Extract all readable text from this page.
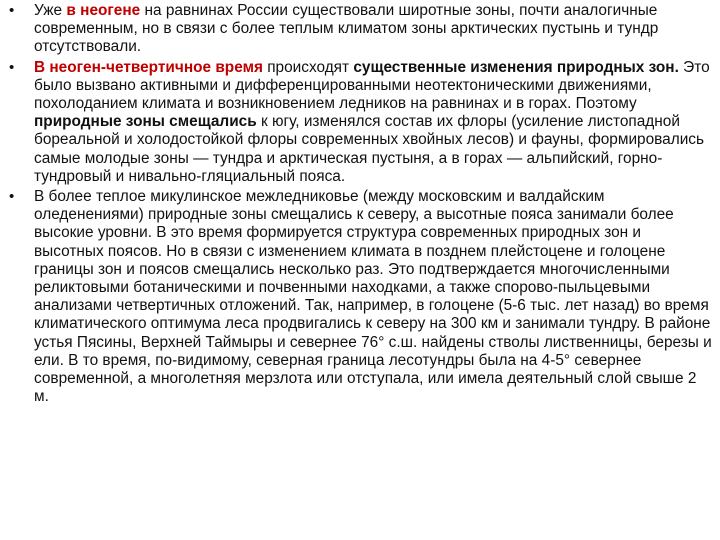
• Уже в неогене на равнинах России существовали широтные зоны, почти аналогичные современным, но в связи с более теплым климатом зоны арктических пустынь и тундр отсутствовали.
• В неоген-четвертичное время происходят существенные изменения природных зон. Это было вызвано активными и дифференцированными неотектоническими движениями, похолоданием климата и возникновением ледников на равнинах и в горах. Поэтому природные зоны смещались к югу, изменялся состав их флоры (усиление листопадной бореальной и холодостойкой флоры современных хвойных лесов) и фауны, формировались самые молодые зоны — тундра и арктическая пустыня, а в горах — альпийский, горно-тундровый и нивально-гляциальный пояса.
• В более теплое микулинское межледниковье (между московским и валдайским оледенениями) природные зоны смещались к северу, а высотные пояса занимали более высокие уровни. В это время формируется структура современных природных зон и высотных поясов. Но в связи с изменением климата в позднем плейстоцене и голоцене границы зон и поясов смещались несколько раз. Это подтверждается многочисленными реликтовыми ботаническими и почвенными находками, а также спорово-пыльцевыми анализами четвертичных отложений. Так, например, в голоцене (5-6 тыс. лет назад) во время климатического оптимума леса продвигались к северу на 300 км и занимали тундру. В районе устья Пясины, Верхней Таймыры и севернее 76° с.ш. найдены стволы лиственницы, березы и ели. В то время, по-видимому, северная граница лесотундры была на 4-5° севернее современной, а многолетняя мерзлота или отступала, или имела деятельный слой свыше 2 м.
